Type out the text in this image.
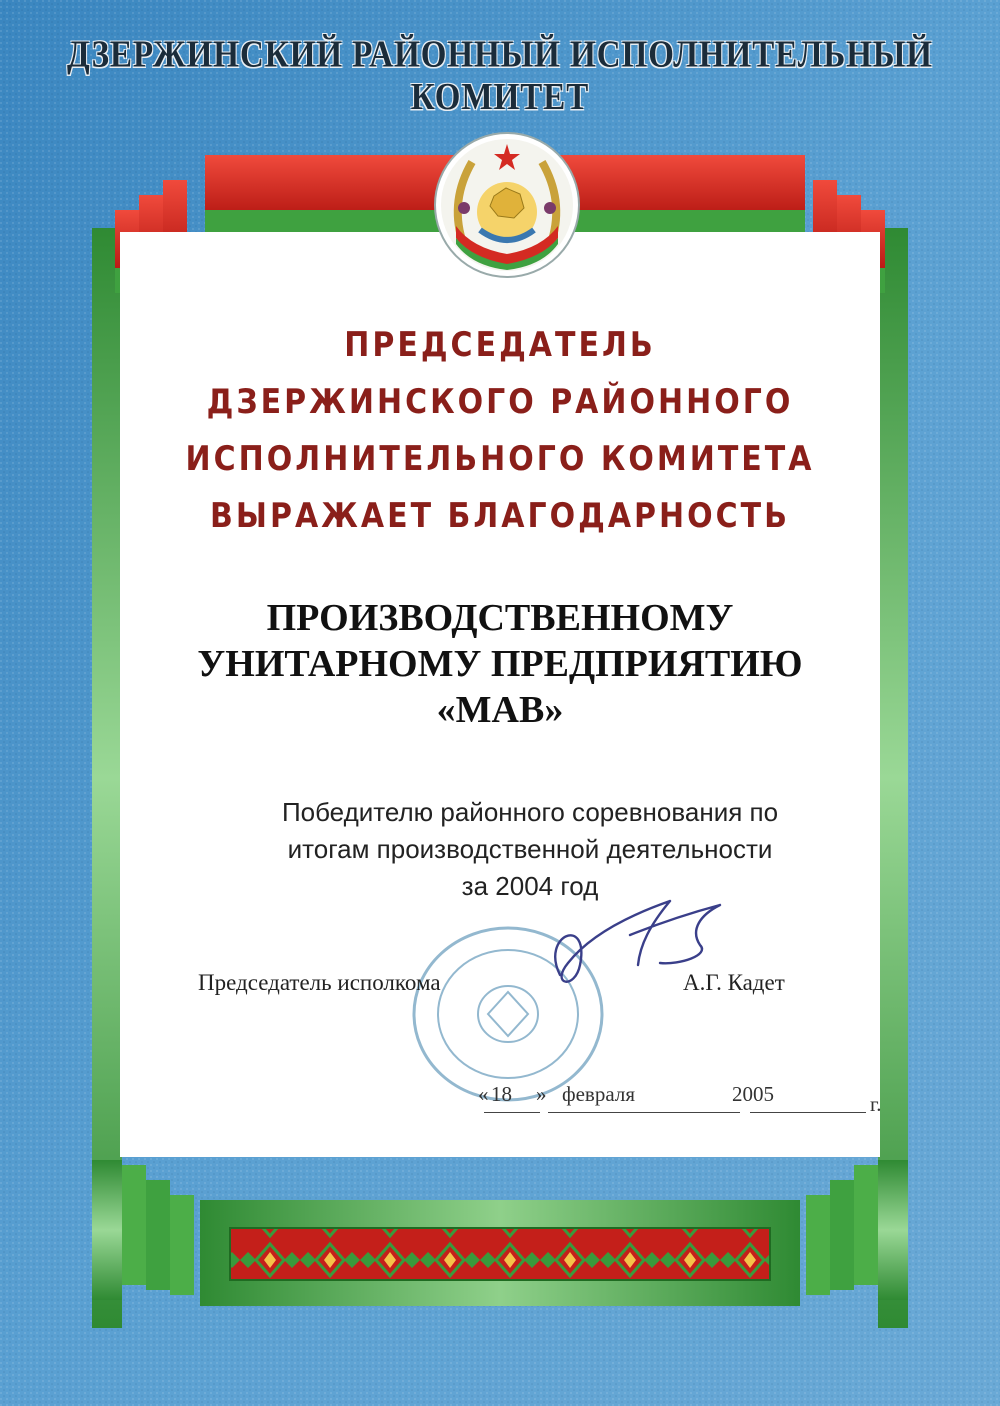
ДЗЕРЖИНСКИЙ РАЙОННЫЙ ИСПОЛНИТЕЛЬНЫЙ КОМИТЕТ
ПРЕДСЕДАТЕЛЬ
ДЗЕРЖИНСКОГО РАЙОННОГО
ИСПОЛНИТЕЛЬНОГО КОМИТЕТА
ВЫРАЖАЕТ БЛАГОДАРНОСТЬ
ПРОИЗВОДСТВЕННОМУ
УНИТАРНОМУ ПРЕДПРИЯТИЮ
«МАВ»
Победителю районного соревнования по
итогам производственной деятельности
за 2004 год
Председатель исполкома	А.Г. Кадет
« 18 » февраля	2005	г.
